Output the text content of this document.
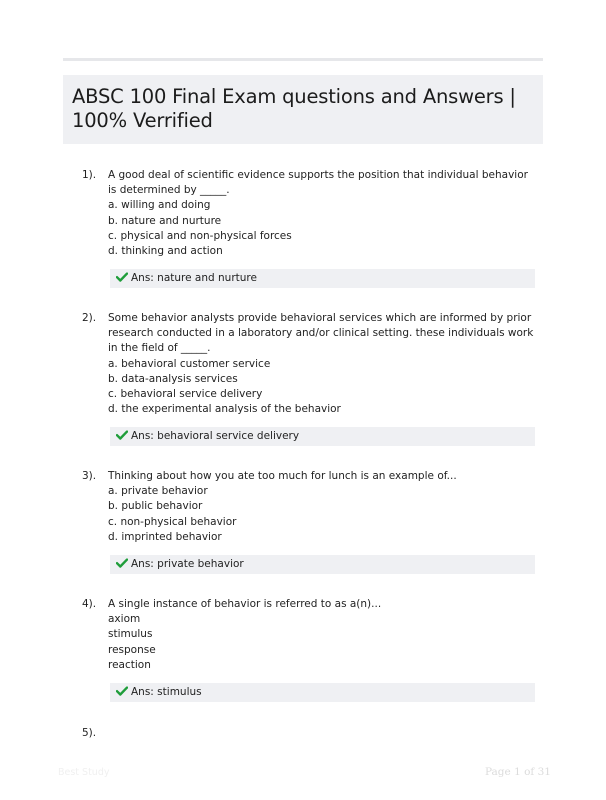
ABSC 100 Final Exam questions and Answers | 100% Verrified
1). A good deal of scientific evidence supports the position that individual behavior is determined by _____.

a. willing and doing
b. nature and nurture
c. physical and non-physical forces
d. thinking and action
Ans: nature and nurture
2). Some behavior analysts provide behavioral services which are informed by prior research conducted in a laboratory and/or clinical setting. these individuals work in the field of _____.

a. behavioral customer service
b. data-analysis services
c. behavioral service delivery
d. the experimental analysis of the behavior
Ans: behavioral service delivery
3). Thinking about how you ate too much for lunch is an example of...

a. private behavior
b. public behavior
c. non-physical behavior
d. imprinted behavior
Ans: private behavior
4). A single instance of behavior is referred to as a(n)...

axiom
stimulus
response
reaction
Ans: stimulus
5).
Best Study	Page 1 of 31
